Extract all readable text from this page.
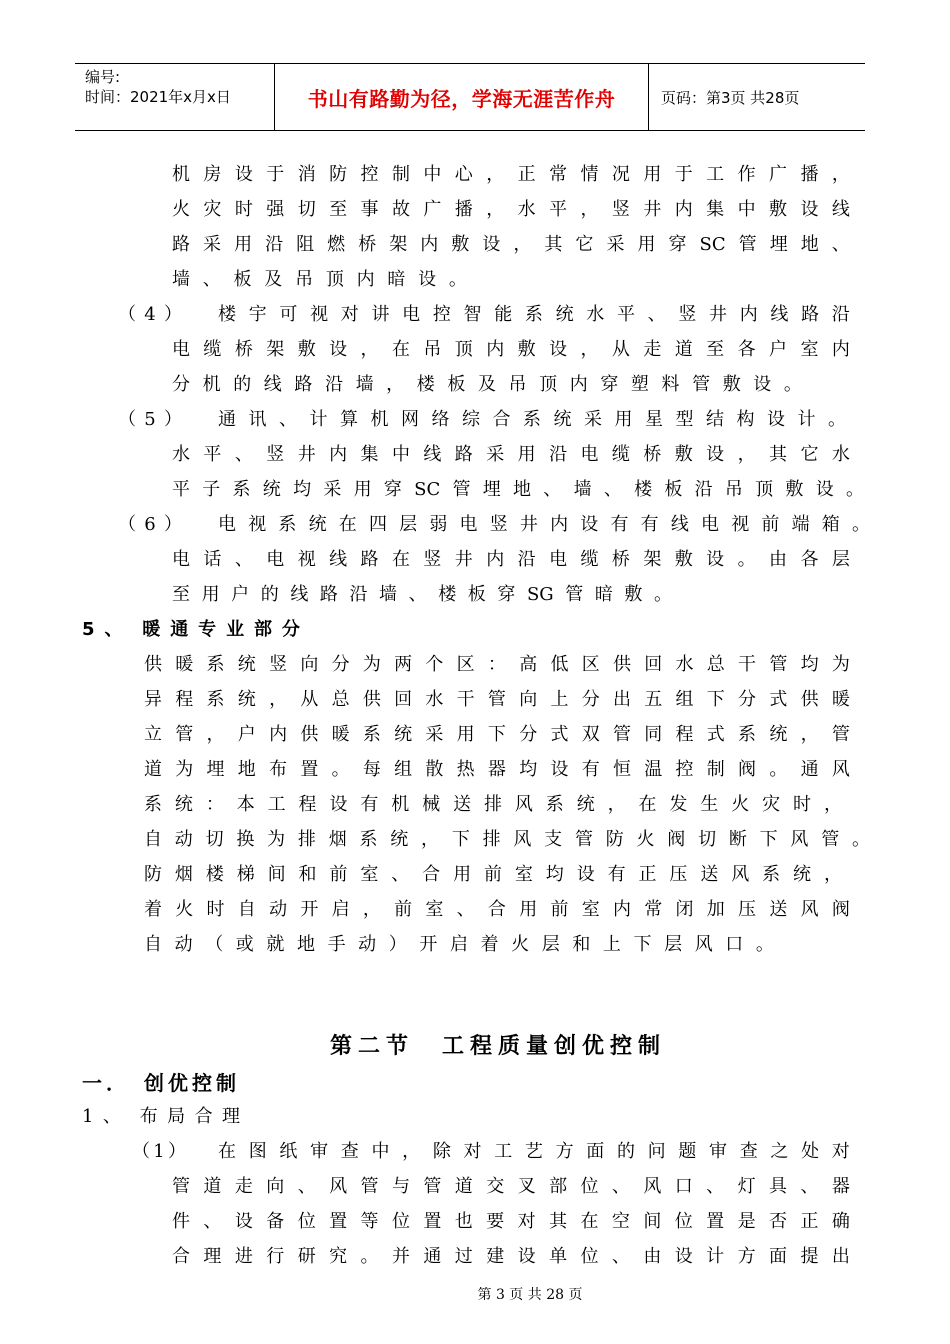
编号:
时间：2021年x月x日	书山有路勤为径，学海无涯苦作舟	页码：第3页 共28页
机 房 设 于 消 防 控 制 中 心 ， 正 常 情 况 用 于 工 作 广 播 ，
火 灾 时 强 切 至 事 故 广 播 ， 水 平 ， 竖 井 内 集 中 敷 设 线
路 采 用 沿 阻 燃 桥 架 内 敷 设 ， 其 它 采 用 穿 SC 管 埋 地 、
墙 、 板 及 吊 顶 内 暗 设 。
（ 4 ） 楼 宇 可 视 对 讲 电 控 智 能 系 统 水 平 、 竖 井 内 线 路 沿
电 缆 桥 架 敷 设 ， 在 吊 顶 内 敷 设 ， 从 走 道 至 各 户 室 内
分 机 的 线 路 沿 墙 ， 楼 板 及 吊 顶 内 穿 塑 料 管 敷 设 。
（ 5 ） 通 讯 、 计 算 机 网 络 综 合 系 统 采 用 星 型 结 构 设 计 。
水 平 、 竖 井 内 集 中 线 路 采 用 沿 电 缆 桥 敷 设 ， 其 它 水
平 子 系 统 均 采 用 穿 SC 管 埋 地 、 墙 、 楼 板 沿 吊 顶 敷 设 。
（ 6 ） 电 视 系 统 在 四 层 弱 电 竖 井 内 设 有 有 线 电 视 前 端 箱 。
电 话 、 电 视 线 路 在 竖 井 内 沿 电 缆 桥 架 敷 设 。 由 各 层
至 用 户 的 线 路 沿 墙 、 楼 板 穿 SG 管 暗 敷 。
5 、 暖 通 专 业 部 分
供 暖 系 统 竖 向 分 为 两 个 区 ： 高 低 区 供 回 水 总 干 管 均 为
异 程 系 统 ， 从 总 供 回 水 干 管 向 上 分 出 五 组 下 分 式 供 暖
立 管 ， 户 内 供 暖 系 统 采 用 下 分 式 双 管 同 程 式 系 统 ， 管
道 为 埋 地 布 置 。 每 组 散 热 器 均 设 有 恒 温 控 制 阀 。 通 风
系 统 ： 本 工 程 设 有 机 械 送 排 风 系 统 ， 在 发 生 火 灾 时 ，
自 动 切 换 为 排 烟 系 统 ， 下 排 风 支 管 防 火 阀 切 断 下 风 管 。
防 烟 楼 梯 间 和 前 室 、 合 用 前 室 均 设 有 正 压 送 风 系 统 ，
着 火 时 自 动 开 启 ， 前 室 、 合 用 前 室 内 常 闭 加 压 送 风 阀
自 动 （ 或 就 地 手 动 ） 开 启 着 火 层 和 上 下 层 风 口 。
第二节　工程质量创优控制
一．　创优控制
1 、 布 局 合 理
（ 1 ） 在 图 纸 审 查 中 ， 除 对 工 艺 方 面 的 问 题 审 查 之 处 对
管 道 走 向 、 风 管 与 管 道 交 叉 部 位 、 风 口 、 灯 具 、 器
件 、 设 备 位 置 等 位 置 也 要 对 其 在 空 间 位 置 是 否 正 确
合 理 进 行 研 究 。 并 通 过 建 设 单 位 、 由 设 计 方 面 提 出
第 3 页 共 28 页
